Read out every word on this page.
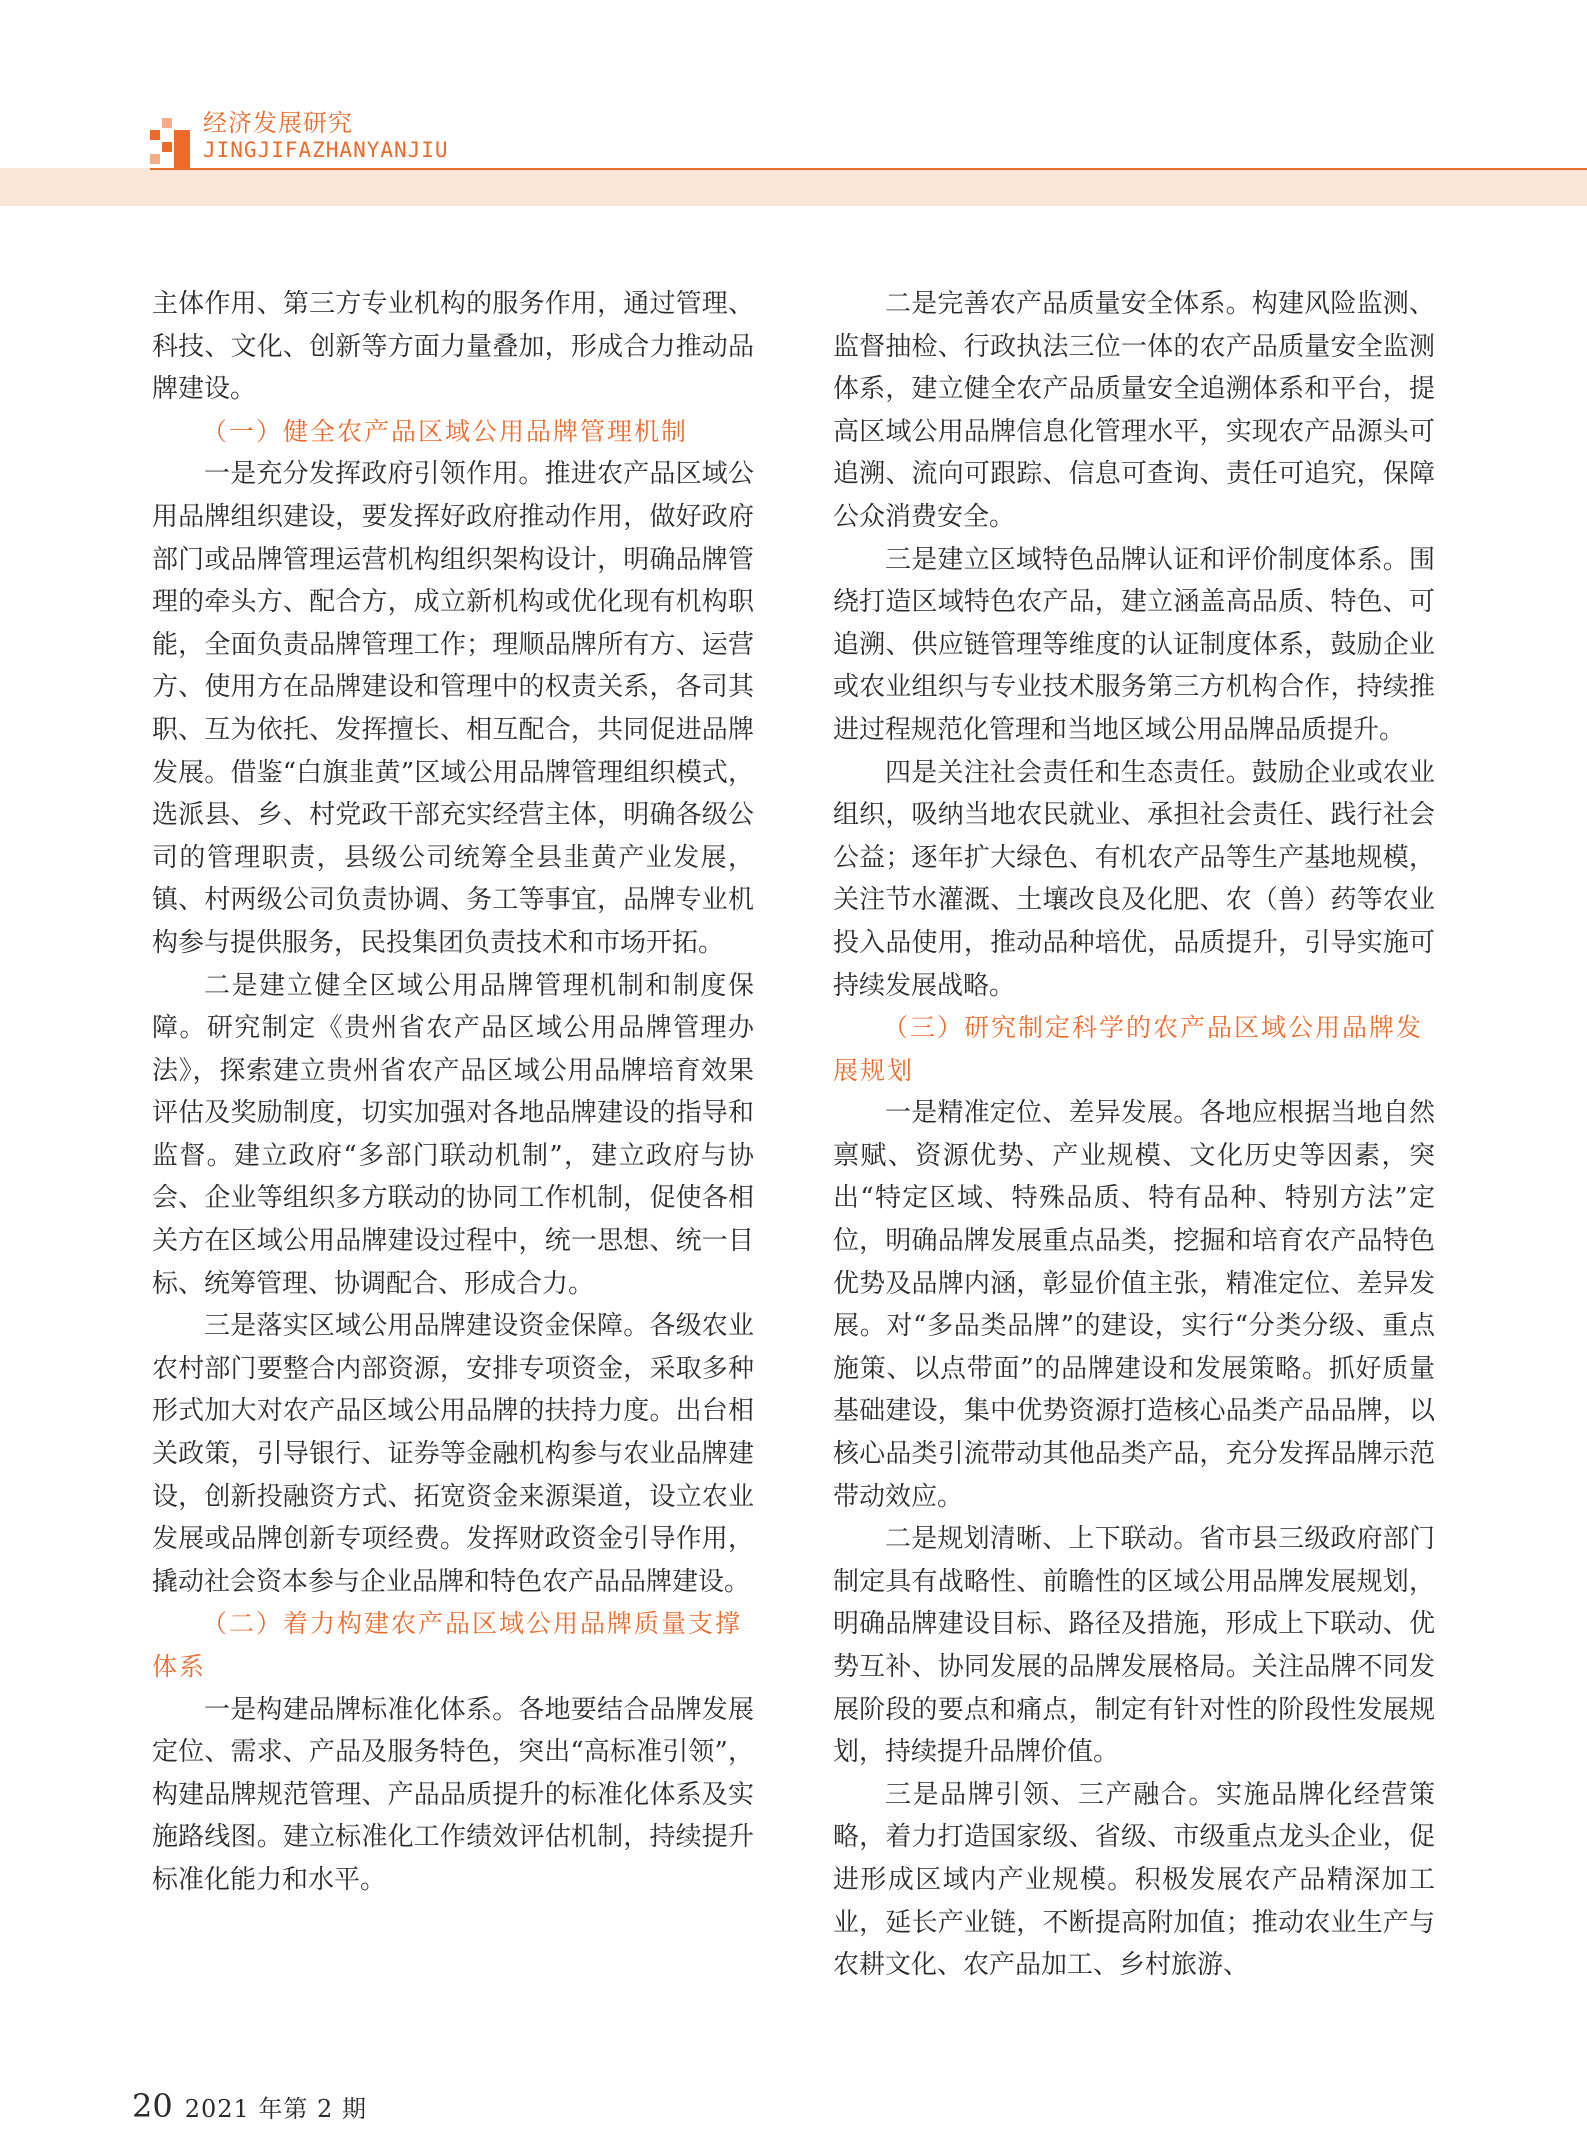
经济发展研究
JINGJIFAZHANYANJIU

主体作用、第三方专业机构的服务作用，通过管理、科技、文化、创新等方面力量叠加，形成合力推动品牌建设。

（一）健全农产品区域公用品牌管理机制

一是充分发挥政府引领作用。推进农产品区域公用品牌组织建设，要发挥好政府推动作用，做好政府部门或品牌管理运营机构组织架构设计，明确品牌管理的牵头方、配合方，成立新机构或优化现有机构职能，全面负责品牌管理工作；理顺品牌所有方、运营方、使用方在品牌建设和管理中的权责关系，各司其职、互为依托、发挥擅长、相互配合，共同促进品牌发展。借鉴“白旗韭黄”区域公用品牌管理组织模式，选派县、乡、村党政干部充实经营主体，明确各级公司的管理职责，县级公司统筹全县韭黄产业发展，镇、村两级公司负责协调、务工等事宜，品牌专业机构参与提供服务，民投集团负责技术和市场开拓。

二是建立健全区域公用品牌管理机制和制度保障。研究制定《贵州省农产品区域公用品牌管理办法》，探索建立贵州省农产品区域公用品牌培育效果评估及奖励制度，切实加强对各地品牌建设的指导和监督。建立政府“多部门联动机制”，建立政府与协会、企业等组织多方联动的协同工作机制，促使各相关方在区域公用品牌建设过程中，统一思想、统一目标、统筹管理、协调配合、形成合力。

三是落实区域公用品牌建设资金保障。各级农业农村部门要整合内部资源，安排专项资金，采取多种形式加大对农产品区域公用品牌的扶持力度。出台相关政策，引导银行、证券等金融机构参与农业品牌建设，创新投融资方式、拓宽资金来源渠道，设立农业发展或品牌创新专项经费。发挥财政资金引导作用，撬动社会资本参与企业品牌和特色农产品品牌建设。

（二）着力构建农产品区域公用品牌质量支撑体系

一是构建品牌标准化体系。各地要结合品牌发展定位、需求、产品及服务特色，突出“高标准引领”，构建品牌规范管理、产品品质提升的标准化体系及实施路线图。建立标准化工作绩效评估机制，持续提升标准化能力和水平。

二是完善农产品质量安全体系。构建风险监测、监督抽检、行政执法三位一体的农产品质量安全监测体系，建立健全农产品质量安全追溯体系和平台，提高区域公用品牌信息化管理水平，实现农产品源头可追溯、流向可跟踪、信息可查询、责任可追究，保障公众消费安全。

三是建立区域特色品牌认证和评价制度体系。围绕打造区域特色农产品，建立涵盖高品质、特色、可追溯、供应链管理等维度的认证制度体系，鼓励企业或农业组织与专业技术服务第三方机构合作，持续推进过程规范化管理和当地区域公用品牌品质提升。

四是关注社会责任和生态责任。鼓励企业或农业组织，吸纳当地农民就业、承担社会责任、践行社会公益；逐年扩大绿色、有机农产品等生产基地规模，关注节水灌溉、土壤改良及化肥、农（兽）药等农业投入品使用，推动品种培优，品质提升，引导实施可持续发展战略。

（三）研究制定科学的农产品区域公用品牌发展规划

一是精准定位、差异发展。各地应根据当地自然禀赋、资源优势、产业规模、文化历史等因素，突出“特定区域、特殊品质、特有品种、特别方法”定位，明确品牌发展重点品类，挖掘和培育农产品特色优势及品牌内涵，彰显价值主张，精准定位、差异发展。对“多品类品牌”的建设，实行“分类分级、重点施策、以点带面”的品牌建设和发展策略。抓好质量基础建设，集中优势资源打造核心品类产品品牌，以核心品类引流带动其他品类产品，充分发挥品牌示范带动效应。

二是规划清晰、上下联动。省市县三级政府部门制定具有战略性、前瞻性的区域公用品牌发展规划，明确品牌建设目标、路径及措施，形成上下联动、优势互补、协同发展的品牌发展格局。关注品牌不同发展阶段的要点和痛点，制定有针对性的阶段性发展规划，持续提升品牌价值。

三是品牌引领、三产融合。实施品牌化经营策略，着力打造国家级、省级、市级重点龙头企业，促进形成区域内产业规模。积极发展农产品精深加工业，延长产业链，不断提高附加值；推动农业生产与农耕文化、农产品加工、乡村旅游、

20 2021 年第 2 期
